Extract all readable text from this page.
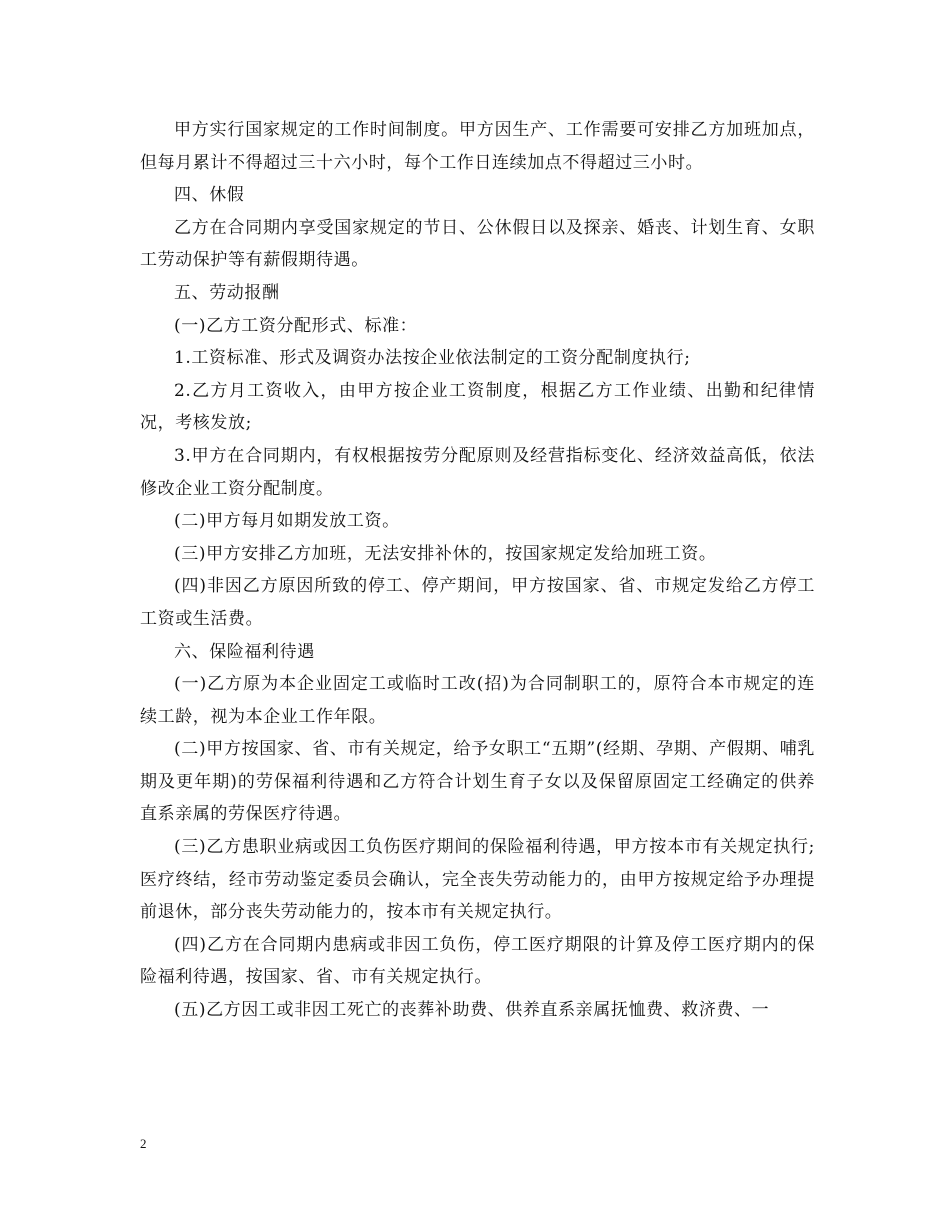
甲方实行国家规定的工作时间制度。甲方因生产、工作需要可安排乙方加班加点，但每月累计不得超过三十六小时，每个工作日连续加点不得超过三小时。

四、休假

乙方在合同期内享受国家规定的节日、公休假日以及探亲、婚丧、计划生育、女职工劳动保护等有薪假期待遇。

五、劳动报酬

(一)乙方工资分配形式、标准：

1.工资标准、形式及调资办法按企业依法制定的工资分配制度执行;

2.乙方月工资收入，由甲方按企业工资制度，根据乙方工作业绩、出勤和纪律情况，考核发放;

3.甲方在合同期内，有权根据按劳分配原则及经营指标变化、经济效益高低，依法修改企业工资分配制度。

(二)甲方每月如期发放工资。

(三)甲方安排乙方加班，无法安排补休的，按国家规定发给加班工资。

(四)非因乙方原因所致的停工、停产期间，甲方按国家、省、市规定发给乙方停工工资或生活费。

六、保险福利待遇

(一)乙方原为本企业固定工或临时工改(招)为合同制职工的，原符合本市规定的连续工龄，视为本企业工作年限。

(二)甲方按国家、省、市有关规定，给予女职工“五期”(经期、孕期、产假期、哺乳期及更年期)的劳保福利待遇和乙方符合计划生育子女以及保留原固定工经确定的供养直系亲属的劳保医疗待遇。

(三)乙方患职业病或因工负伤医疗期间的保险福利待遇，甲方按本市有关规定执行;医疗终结，经市劳动鉴定委员会确认，完全丧失劳动能力的，由甲方按规定给予办理提前退休，部分丧失劳动能力的，按本市有关规定执行。

(四)乙方在合同期内患病或非因工负伤，停工医疗期限的计算及停工医疗期内的保险福利待遇，按国家、省、市有关规定执行。

(五)乙方因工或非因工死亡的丧葬补助费、供养直系亲属抚恤费、救济费、一

2
